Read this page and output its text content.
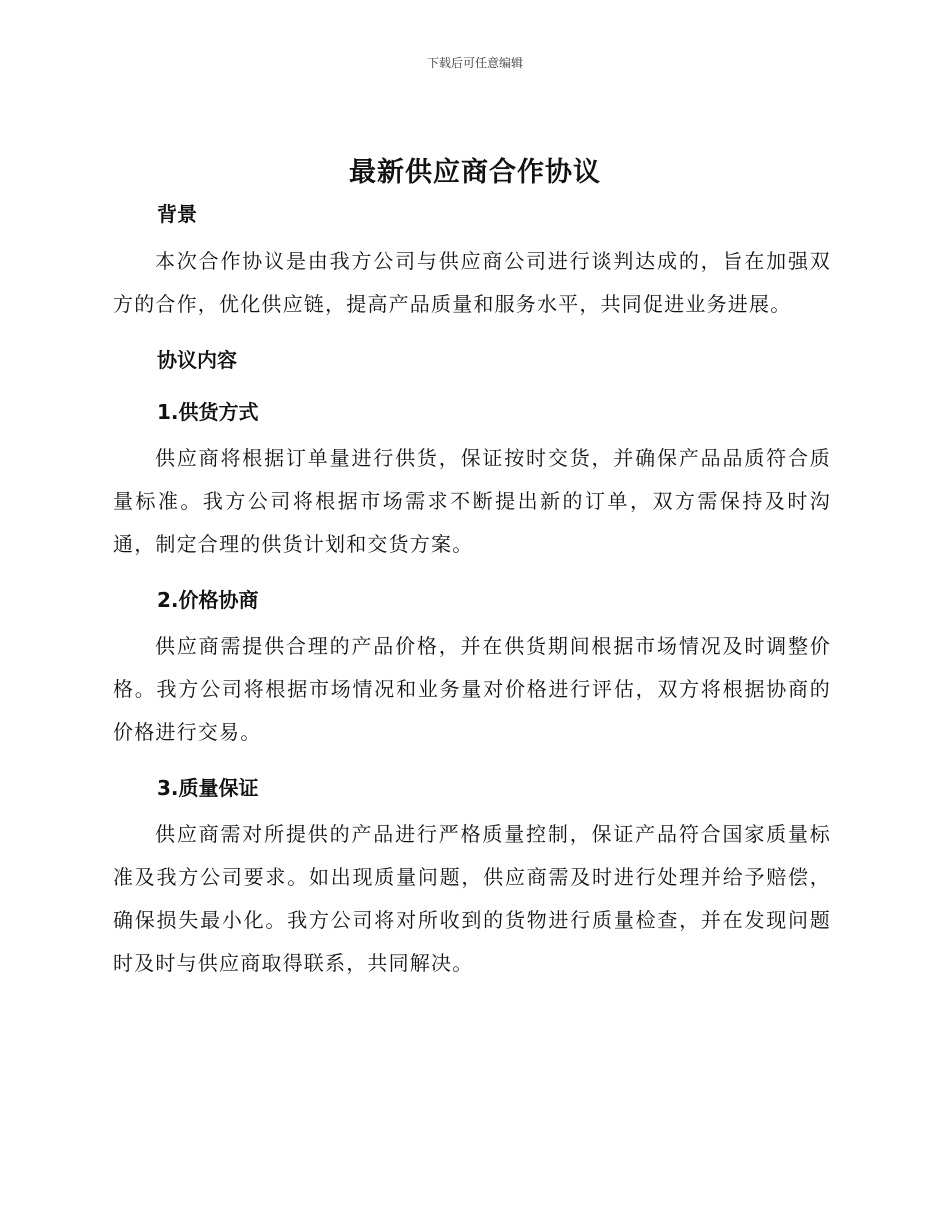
下载后可任意编辑
最新供应商合作协议
背景
本次合作协议是由我方公司与供应商公司进行谈判达成的，旨在加强双方的合作，优化供应链，提高产品质量和服务水平，共同促进业务进展。
协议内容
1.供货方式
供应商将根据订单量进行供货，保证按时交货，并确保产品品质符合质量标准。我方公司将根据市场需求不断提出新的订单，双方需保持及时沟通，制定合理的供货计划和交货方案。
2.价格协商
供应商需提供合理的产品价格，并在供货期间根据市场情况及时调整价格。我方公司将根据市场情况和业务量对价格进行评估，双方将根据协商的价格进行交易。
3.质量保证
供应商需对所提供的产品进行严格质量控制，保证产品符合国家质量标准及我方公司要求。如出现质量问题，供应商需及时进行处理并给予赔偿，确保损失最小化。我方公司将对所收到的货物进行质量检查，并在发现问题时及时与供应商取得联系，共同解决。
